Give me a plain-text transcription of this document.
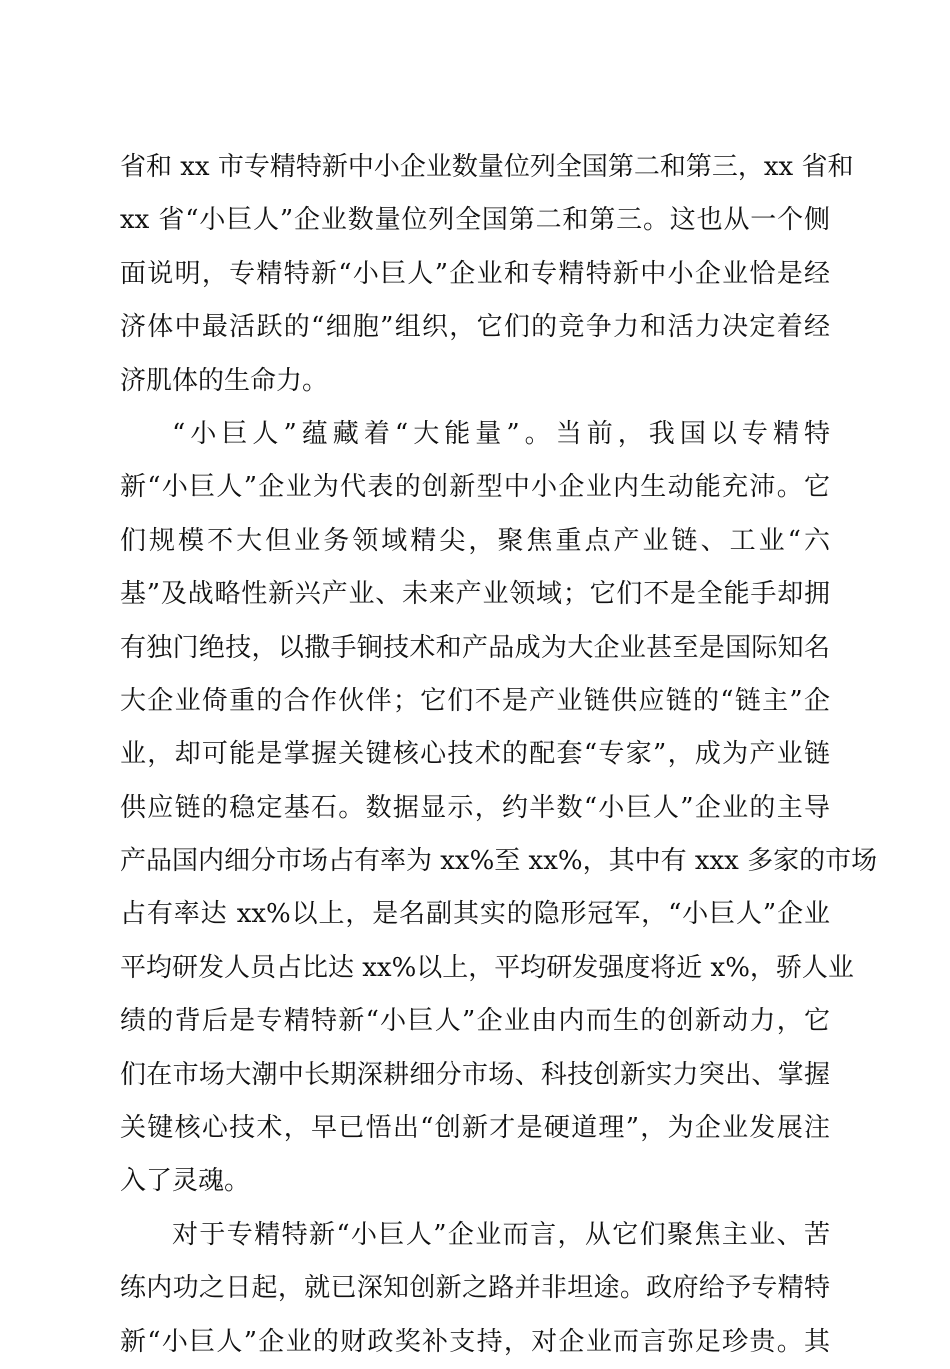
省和 xx 市专精特新中小企业数量位列全国第二和第三，xx 省和
xx 省“小巨人”企业数量位列全国第二和第三。这也从一个侧
面说明，专精特新“小巨人”企业和专精特新中小企业恰是经
济体中最活跃的“细胞”组织，它们的竞争力和活力决定着经
济肌体的生命力。
“小巨人”蕴藏着“大能量”。当前，我国以专精特
新“小巨人”企业为代表的创新型中小企业内生动能充沛。它
们规模不大但业务领域精尖，聚焦重点产业链、工业“六
基”及战略性新兴产业、未来产业领域；它们不是全能手却拥
有独门绝技，以撒手锏技术和产品成为大企业甚至是国际知名
大企业倚重的合作伙伴；它们不是产业链供应链的“链主”企
业，却可能是掌握关键核心技术的配套“专家”，成为产业链
供应链的稳定基石。数据显示，约半数“小巨人”企业的主导
产品国内细分市场占有率为 xx%至 xx%，其中有 xxx 多家的市场
占有率达 xx%以上，是名副其实的隐形冠军，“小巨人”企业
平均研发人员占比达 xx%以上，平均研发强度将近 x%，骄人业
绩的背后是专精特新“小巨人”企业由内而生的创新动力，它
们在市场大潮中长期深耕细分市场、科技创新实力突出、掌握
关键核心技术，早已悟出“创新才是硬道理”，为企业发展注
入了灵魂。
对于专精特新“小巨人”企业而言，从它们聚焦主业、苦
练内功之日起，就已深知创新之路并非坦途。政府给予专精特
新“小巨人”企业的财政奖补支持，对企业而言弥足珍贵。其
